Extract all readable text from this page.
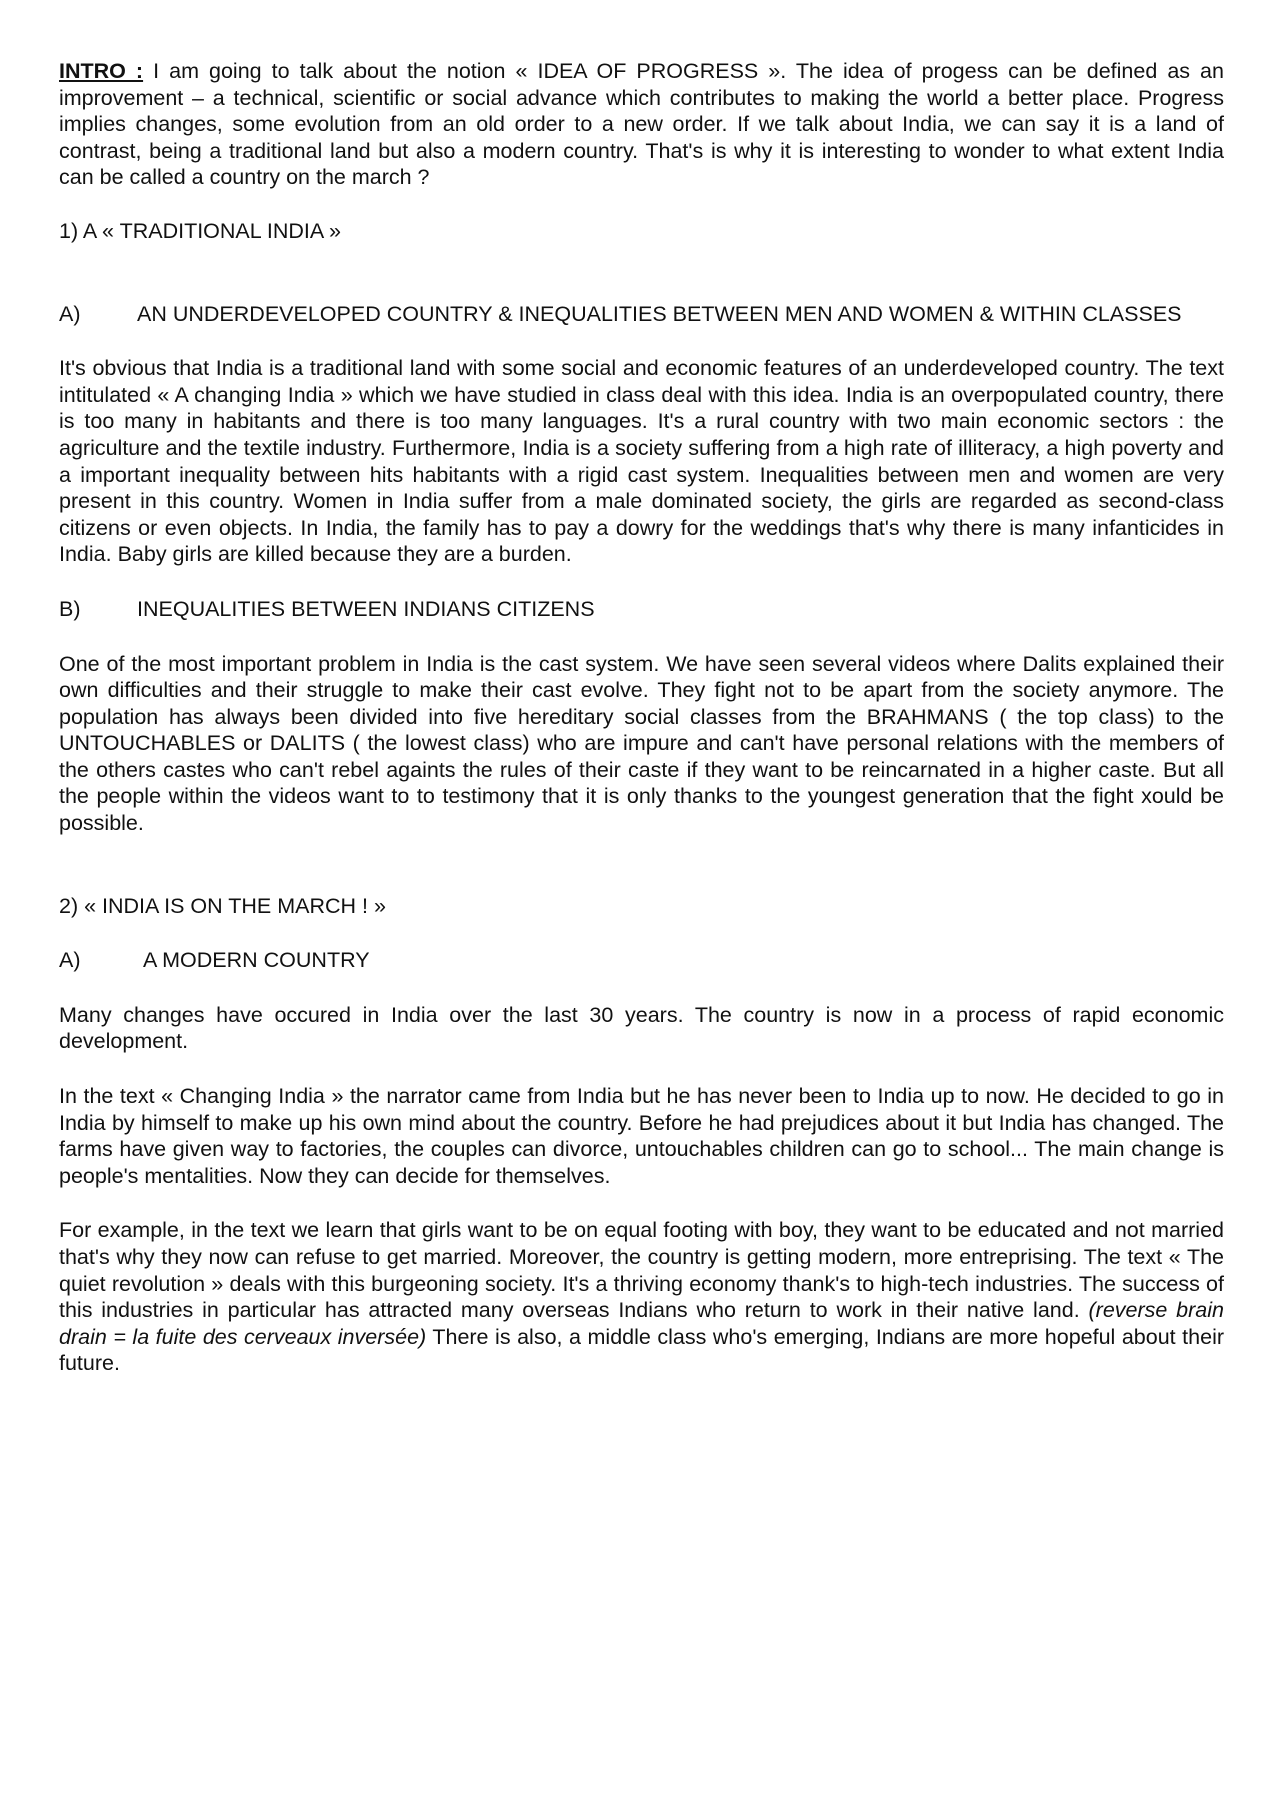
INTRO : I am going to talk about the notion « IDEA OF PROGRESS ». The idea of progess can be defined as an improvement – a technical, scientific or social advance which contributes to making the world a better place. Progress implies changes, some evolution from an old order to a new order. If we talk about India, we can say it is a land of contrast, being a traditional land but also a modern country. That's is why it is interesting to wonder to what extent India can be called a country on the march ?

1) A « TRADITIONAL INDIA »

A)	AN UNDERDEVELOPED COUNTRY & INEQUALITIES BETWEEN MEN AND WOMEN & WITHIN CLASSES

It's obvious that India is a traditional land with some social and economic features of an underdeveloped country. The text intitulated « A changing India » which we have studied in class deal with this idea. India is an overpopulated country, there is too many in habitants and there is too many languages. It's a rural country with two main economic sectors : the agriculture and the textile industry. Furthermore, India is a society suffering from a high rate of illiteracy, a high poverty and a important inequality between hits habitants with a rigid cast system. Inequalities between men and women are very present in this country. Women in India suffer from a male dominated society, the girls are regarded as second-class citizens or even objects. In India, the family has to pay a dowry for the weddings that's why there is many infanticides in India. Baby girls are killed because they are a burden.

B)	INEQUALITIES BETWEEN INDIANS CITIZENS

One of the most important problem in India is the cast system. We have seen several videos where Dalits explained their own difficulties and their struggle to make their cast evolve. They fight not to be apart from the society anymore. The population has always been divided into five hereditary social classes from the BRAHMANS ( the top class) to the UNTOUCHABLES or DALITS ( the lowest class) who are impure and can't have personal relations with the members of the others castes who can't rebel againts the rules of their caste if they want to be reincarnated in a higher caste. But all the people within the videos want to to testimony that it is only thanks to the youngest generation that the fight xould be possible.

2) « INDIA IS ON THE MARCH ! »

A)	A MODERN COUNTRY

Many changes have occured in India over the last 30 years. The country is now in a process of rapid economic development.

In the text « Changing India » the narrator came from India but he has never been to India up to now. He decided to go in India by himself to make up his own mind about the country. Before he had prejudices about it but India has changed. The farms have given way to factories, the couples can divorce, untouchables children can go to school... The main change is people's mentalities. Now they can decide for themselves.

For example, in the text we learn that girls want to be on equal footing with boy, they want to be educated and not married that's why they now can refuse to get married. Moreover, the country is getting modern, more entreprising. The text « The quiet revolution » deals with this burgeoning society. It's a thriving economy thank's to high-tech industries. The success of this industries in particular has attracted many overseas Indians who return to work in their native land. (reverse brain drain = la fuite des cerveaux inversée) There is also, a middle class who's emerging, Indians are more hopeful about their future.
